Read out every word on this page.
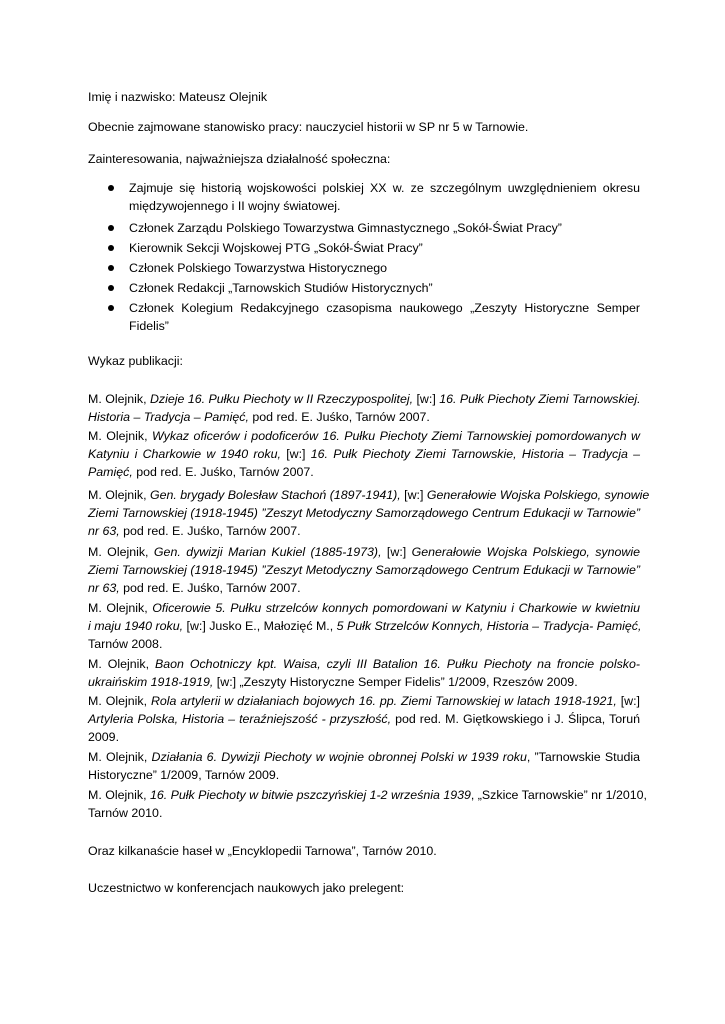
Imię i nazwisko: Mateusz Olejnik
Obecnie zajmowane stanowisko pracy: nauczyciel historii w SP nr 5 w Tarnowie.
Zainteresowania, najważniejsza działalność społeczna:
Zajmuje się historią wojskowości polskiej XX w. ze szczególnym uwzględnieniem okresu
międzywojennego i II wojny światowej.
Członek Zarządu Polskiego Towarzystwa Gimnastycznego „Sokół-Świat Pracy”
Kierownik Sekcji Wojskowej PTG „Sokół-Świat Pracy”
Członek Polskiego Towarzystwa Historycznego
Członek Redakcji „Tarnowskich Studiów Historycznych”
Członek Kolegium Redakcyjnego czasopisma naukowego „Zeszyty Historyczne Semper
Fidelis”
Wykaz publikacji:
M. Olejnik, Dzieje 16. Pułku Piechoty w II Rzeczypospolitej, [w:] 16. Pułk Piechoty Ziemi Tarnowskiej.
Historia – Tradycja – Pamięć, pod red. E. Juśko, Tarnów 2007.
M. Olejnik, Wykaz oficerów i podoficerów 16. Pułku Piechoty Ziemi Tarnowskiej pomordowanych w
Katyniu i Charkowie w 1940 roku, [w:] 16. Pułk Piechoty Ziemi Tarnowskie, Historia – Tradycja –
Pamięć, pod red. E. Juśko, Tarnów 2007.
M. Olejnik, Gen. brygady Bolesław Stachoń (1897-1941), [w:] Generałowie Wojska Polskiego, synowie
Ziemi Tarnowskiej (1918-1945) ”Zeszyt Metodyczny Samorządowego Centrum Edukacji w Tarnowie”
nr 63, pod red. E. Juśko, Tarnów 2007.
M. Olejnik, Gen. dywizji Marian Kukiel (1885-1973), [w:] Generałowie Wojska Polskiego, synowie
Ziemi Tarnowskiej (1918-1945) ”Zeszyt Metodyczny Samorządowego Centrum Edukacji w Tarnowie”
nr 63, pod red. E. Juśko, Tarnów 2007.
M. Olejnik, Oficerowie 5. Pułku strzelców konnych pomordowani w Katyniu i Charkowie w kwietniu
i maju 1940 roku, [w:] Jusko E., Małozięć M., 5 Pułk Strzelców Konnych, Historia – Tradycja- Pamięć,
Tarnów 2008.
M. Olejnik, Baon Ochotniczy kpt. Waisa, czyli III Batalion 16. Pułku Piechoty na froncie polsko-
ukraińskim 1918-1919, [w:] „Zeszyty Historyczne Semper Fidelis” 1/2009, Rzeszów 2009.
M. Olejnik, Rola artylerii w działaniach bojowych 16. pp. Ziemi Tarnowskiej w latach 1918-1921, [w:]
Artyleria Polska, Historia – teraźniejszość - przyszłość, pod red. M. Giętkowskiego i J. Ślipca, Toruń
2009.
M. Olejnik, Działania 6. Dywizji Piechoty w wojnie obronnej Polski w 1939 roku, ”Tarnowskie Studia
Historyczne” 1/2009, Tarnów 2009.
M. Olejnik, 16. Pułk Piechoty w bitwie pszczyńskiej 1-2 września 1939, „Szkice Tarnowskie” nr 1/2010,
Tarnów 2010.
Oraz kilkanaście haseł w „Encyklopedii Tarnowa”, Tarnów 2010.
Uczestnictwo w konferencjach naukowych jako prelegent:
